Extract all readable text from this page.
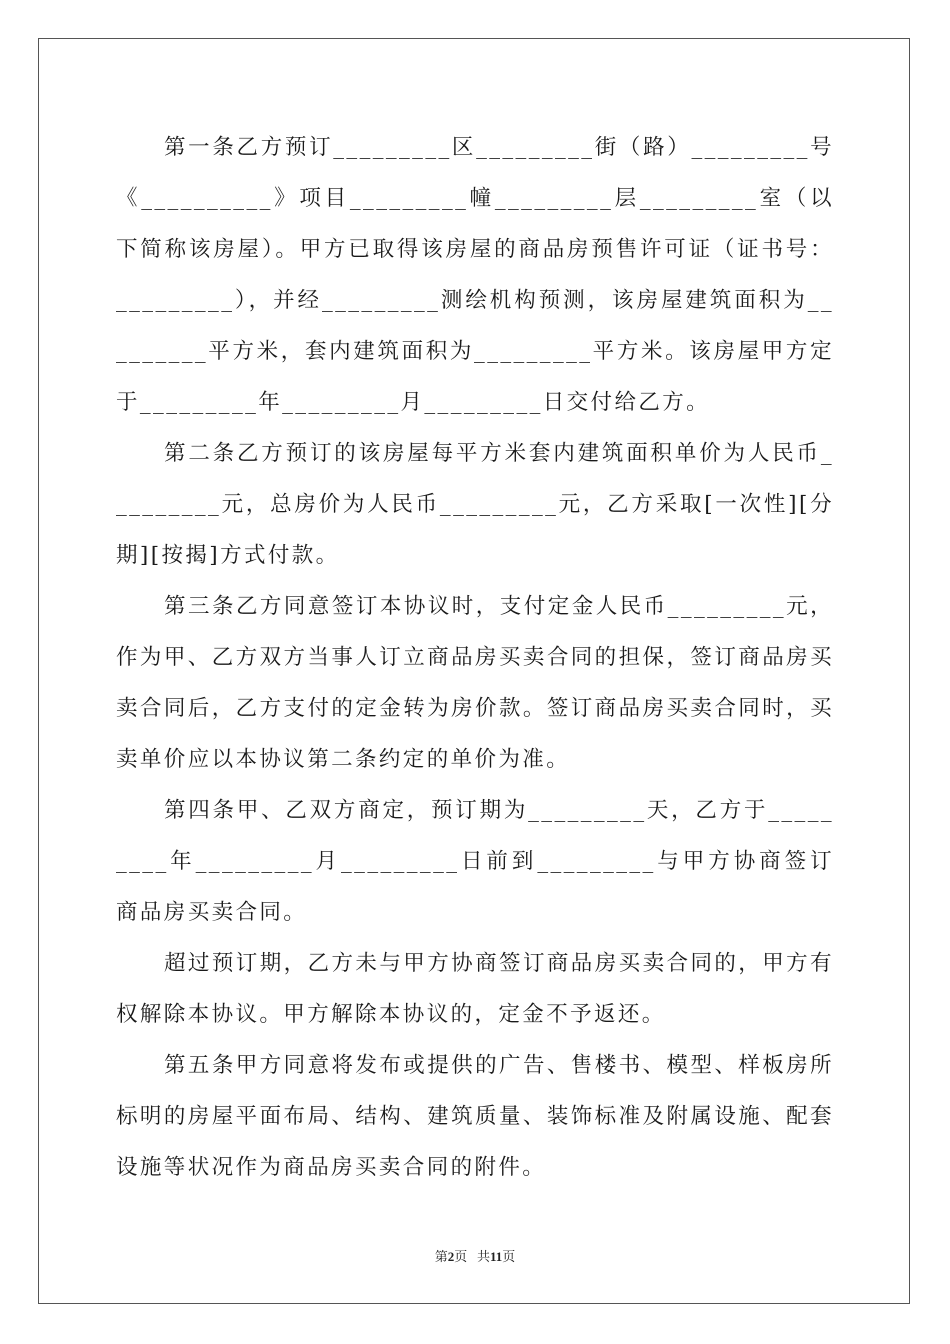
第一条乙方预订_________区_________街（路）_________号《__________》项目_________幢_________层_________室（以下简称该房屋）。甲方已取得该房屋的商品房预售许可证（证书号：_________），并经_________测绘机构预测，该房屋建筑面积为_________平方米，套内建筑面积为_________平方米。该房屋甲方定于_________年_________月_________日交付给乙方。

第二条乙方预订的该房屋每平方米套内建筑面积单价为人民币_________元，总房价为人民币_________元，乙方采取[一次性][分期][按揭]方式付款。

第三条乙方同意签订本协议时，支付定金人民币_________元，作为甲、乙方双方当事人订立商品房买卖合同的担保，签订商品房买卖合同后，乙方支付的定金转为房价款。签订商品房买卖合同时，买卖单价应以本协议第二条约定的单价为准。

第四条甲、乙双方商定，预订期为_________天，乙方于_________年_________月_________日前到_________与甲方协商签订商品房买卖合同。

超过预订期，乙方未与甲方协商签订商品房买卖合同的，甲方有权解除本协议。甲方解除本协议的，定金不予返还。

第五条甲方同意将发布或提供的广告、售楼书、模型、样板房所标明的房屋平面布局、结构、建筑质量、装饰标准及附属设施、配套设施等状况作为商品房买卖合同的附件。

第2页 共11页
